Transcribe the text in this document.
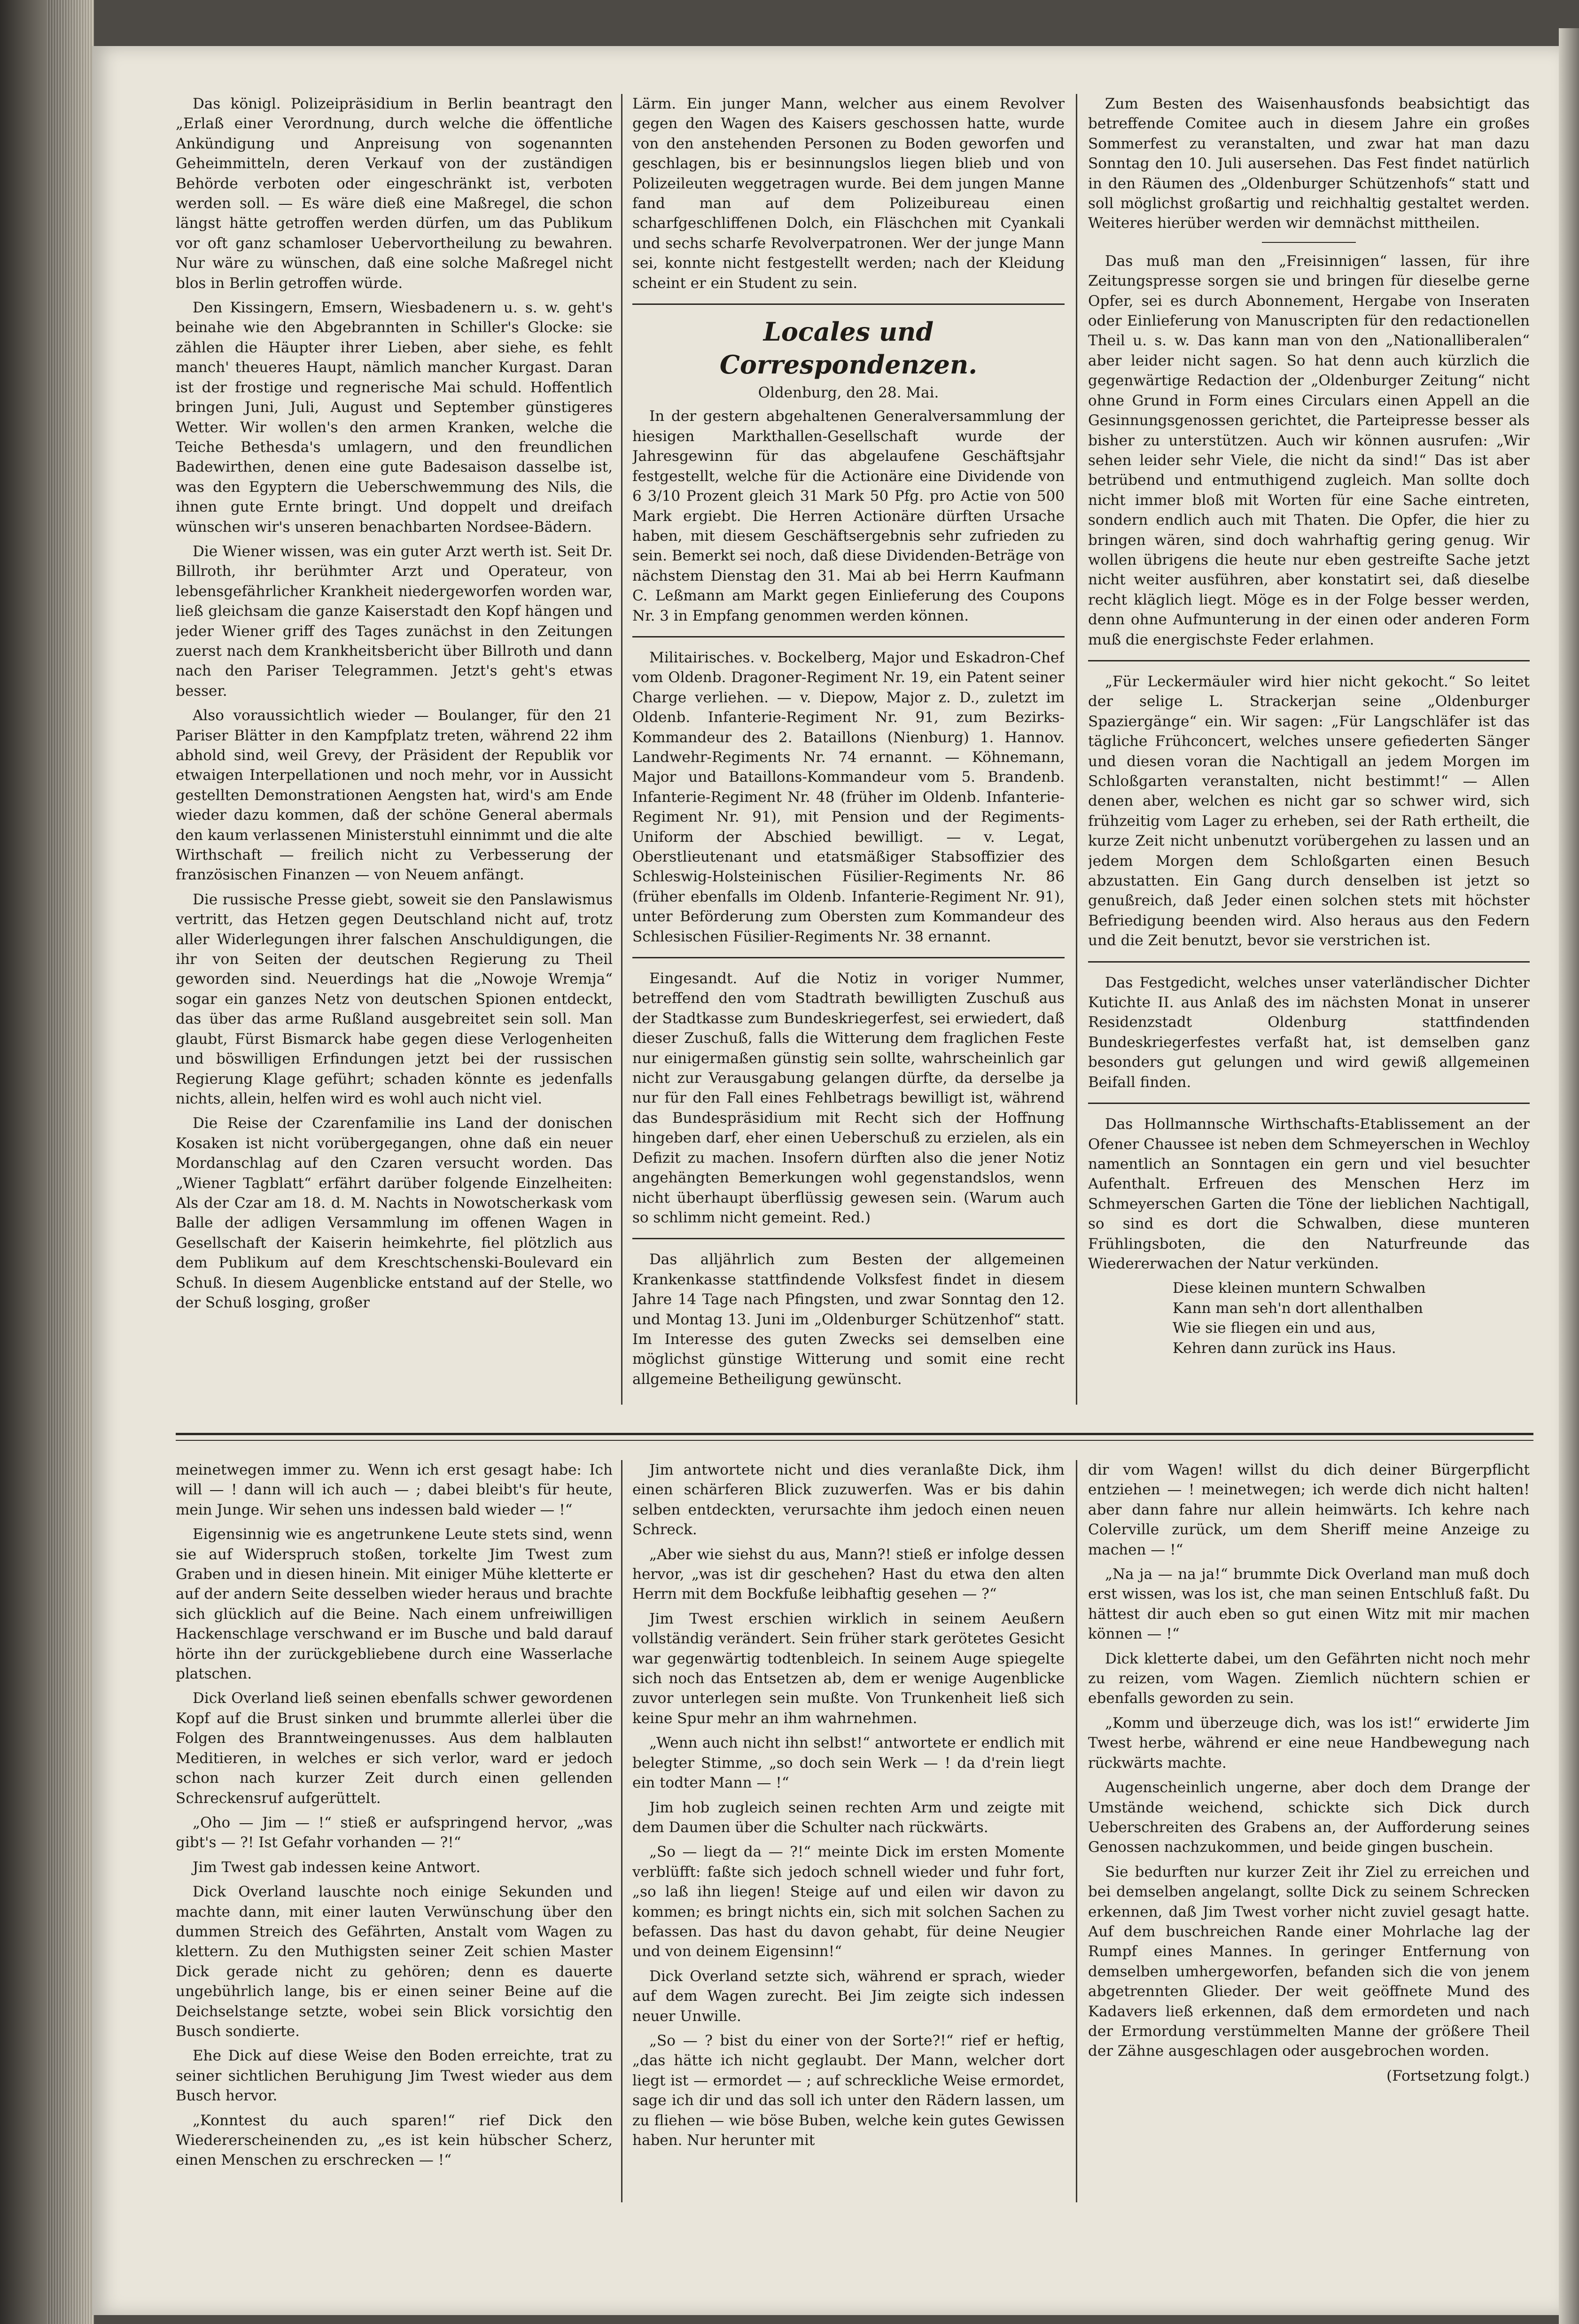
Das königl. Polizeipräsidium in Berlin beantragt den „Erlaß einer Verordnung, durch welche die öffentliche Ankündigung und Anpreisung von sogenannten Geheimmitteln, deren Verkauf von der zuständigen Behörde verboten oder eingeschränkt ist, verboten werden soll. — Es wäre dieß eine Maßregel, die schon längst hätte getroffen werden dürfen, um das Publikum vor oft ganz schamloser Uebervortheilung zu bewahren. Nur wäre zu wünschen, daß eine solche Maßregel nicht blos in Berlin getroffen würde.

Den Kissingern, Emsern, Wiesbadenern u. s. w. geht's beinahe wie den Abgebrannten in Schiller's Glocke: sie zählen die Häupter ihrer Lieben, aber siehe, es fehlt manch' theueres Haupt, nämlich mancher Kurgast. Daran ist der frostige und regnerische Mai schuld. Hoffentlich bringen Juni, Juli, August und September günstigeres Wetter. Wir wollen's den armen Kranken, welche die Teiche Bethesda's umlagern, und den freundlichen Badewirthen, denen eine gute Badesaison dasselbe ist, was den Egyptern die Ueberschwemmung des Nils, die ihnen gute Ernte bringt. Und doppelt und dreifach wünschen wir's unseren benachbarten Nordsee-Bädern.

Die Wiener wissen, was ein guter Arzt werth ist. Seit Dr. Billroth, ihr berühmter Arzt und Operateur, von lebensgefährlicher Krankheit niedergeworfen worden war, ließ gleichsam die ganze Kaiserstadt den Kopf hängen und jeder Wiener griff des Tages zunächst in den Zeitungen zuerst nach dem Krankheitsbericht über Billroth und dann nach den Pariser Telegrammen. Jetzt's geht's etwas besser.

Also voraussichtlich wieder — Boulanger, für den 21 Pariser Blätter in den Kampfplatz treten, während 22 ihm abhold sind, weil Grevy, der Präsident der Republik vor etwaigen Interpellationen und noch mehr, vor in Aussicht gestellten Demonstrationen Aengsten hat, wird's am Ende wieder dazu kommen, daß der schöne General abermals den kaum verlassenen Ministerstuhl einnimmt und die alte Wirthschaft — freilich nicht zu Verbesserung der französischen Finanzen — von Neuem anfängt.

Die russische Presse giebt, soweit sie den Panslawismus vertritt, das Hetzen gegen Deutschland nicht auf, trotz aller Widerlegungen ihrer falschen Anschuldigungen, die ihr von Seiten der deutschen Regierung zu Theil geworden sind. Neuerdings hat die „Nowoje Wremja“ sogar ein ganzes Netz von deutschen Spionen entdeckt, das über das arme Rußland ausgebreitet sein soll. Man glaubt, Fürst Bismarck habe gegen diese Verlogenheiten und böswilligen Erfindungen jetzt bei der russischen Regierung Klage geführt; schaden könnte es jedenfalls nichts, allein, helfen wird es wohl auch nicht viel.

Die Reise der Czarenfamilie ins Land der donischen Kosaken ist nicht vorübergegangen, ohne daß ein neuer Mordanschlag auf den Czaren versucht worden. Das „Wiener Tagblatt“ erfährt darüber folgende Einzelheiten: Als der Czar am 18. d. M. Nachts in Nowotscherkask vom Balle der adligen Versammlung im offenen Wagen in Gesellschaft der Kaiserin heimkehrte, fiel plötzlich aus dem Publikum auf dem Kreschtschenski-Boulevard ein Schuß. In diesem Augenblicke entstand auf der Stelle, wo der Schuß losging, großer

Lärm. Ein junger Mann, welcher aus einem Revolver gegen den Wagen des Kaisers geschossen hatte, wurde von den anstehenden Personen zu Boden geworfen und geschlagen, bis er besinnungslos liegen blieb und von Polizeileuten weggetragen wurde. Bei dem jungen Manne fand man auf dem Polizeibureau einen scharfgeschliffenen Dolch, ein Fläschchen mit Cyankali und sechs scharfe Revolverpatronen. Wer der junge Mann sei, konnte nicht festgestellt werden; nach der Kleidung scheint er ein Student zu sein.

Locales und Correspondenzen.
Oldenburg, den 28. Mai.

In der gestern abgehaltenen Generalversammlung der hiesigen Markthallen-Gesellschaft wurde der Jahresgewinn für das abgelaufene Geschäftsjahr festgestellt, welche für die Actionäre eine Dividende von 6 3/10 Prozent gleich 31 Mark 50 Pfg. pro Actie von 500 Mark ergiebt. Die Herren Actionäre dürften Ursache haben, mit diesem Geschäftsergebnis sehr zufrieden zu sein. Bemerkt sei noch, daß diese Dividenden-Beträge von nächstem Dienstag den 31. Mai ab bei Herrn Kaufmann C. Leßmann am Markt gegen Einlieferung des Coupons Nr. 3 in Empfang genommen werden können.

Militairisches. v. Bockelberg, Major und Eskadron-Chef vom Oldenb. Dragoner-Regiment Nr. 19, ein Patent seiner Charge verliehen. — v. Diepow, Major z. D., zuletzt im Oldenb. Infanterie-Regiment Nr. 91, zum Bezirks-Kommandeur des 2. Bataillons (Nienburg) 1. Hannov. Landwehr-Regiments Nr. 74 ernannt. — Köhnemann, Major und Bataillons-Kommandeur vom 5. Brandenb. Infanterie-Regiment Nr. 48 (früher im Oldenb. Infanterie-Regiment Nr. 91), mit Pension und der Regiments-Uniform der Abschied bewilligt. — v. Legat, Oberstlieutenant und etatsmäßiger Stabsoffizier des Schleswig-Holsteinischen Füsilier-Regiments Nr. 86 (früher ebenfalls im Oldenb. Infanterie-Regiment Nr. 91), unter Beförderung zum Obersten zum Kommandeur des Schlesischen Füsilier-Regiments Nr. 38 ernannt.

Eingesandt. Auf die Notiz in voriger Nummer, betreffend den vom Stadtrath bewilligten Zuschuß aus der Stadtkasse zum Bundeskriegerfest, sei erwiedert, daß dieser Zuschuß, falls die Witterung dem fraglichen Feste nur einigermaßen günstig sein sollte, wahrscheinlich gar nicht zur Verausgabung gelangen dürfte, da derselbe ja nur für den Fall eines Fehlbetrags bewilligt ist, während das Bundespräsidium mit Recht sich der Hoffnung hingeben darf, eher einen Ueberschuß zu erzielen, als ein Defizit zu machen. Insofern dürften also die jener Notiz angehängten Bemerkungen wohl gegenstandslos, wenn nicht überhaupt überflüssig gewesen sein. (Warum auch so schlimm nicht gemeint. Red.)

Das alljährlich zum Besten der allgemeinen Krankenkasse stattfindende Volksfest findet in diesem Jahre 14 Tage nach Pfingsten, und zwar Sonntag den 12. und Montag 13. Juni im „Oldenburger Schützenhof“ statt. Im Interesse des guten Zwecks sei demselben eine möglichst günstige Witterung und somit eine recht allgemeine Betheiligung gewünscht.

Zum Besten des Waisenhausfonds beabsichtigt das betreffende Comitee auch in diesem Jahre ein großes Sommerfest zu veranstalten, und zwar hat man dazu Sonntag den 10. Juli ausersehen. Das Fest findet natürlich in den Räumen des „Oldenburger Schützenhofs“ statt und soll möglichst großartig und reichhaltig gestaltet werden. Weiteres hierüber werden wir demnächst mittheilen.

Das muß man den „Freisinnigen“ lassen, für ihre Zeitungspresse sorgen sie und bringen für dieselbe gerne Opfer, sei es durch Abonnement, Hergabe von Inseraten oder Einlieferung von Manuscripten für den redactionellen Theil u. s. w. Das kann man von den „Nationalliberalen“ aber leider nicht sagen. So hat denn auch kürzlich die gegenwärtige Redaction der „Oldenburger Zeitung“ nicht ohne Grund in Form eines Circulars einen Appell an die Gesinnungsgenossen gerichtet, die Parteipresse besser als bisher zu unterstützen. Auch wir können ausrufen: „Wir sehen leider sehr Viele, die nicht da sind!“ Das ist aber betrübend und entmuthigend zugleich. Man sollte doch nicht immer bloß mit Worten für eine Sache eintreten, sondern endlich auch mit Thaten. Die Opfer, die hier zu bringen wären, sind doch wahrhaftig gering genug. Wir wollen übrigens die heute nur eben gestreifte Sache jetzt nicht weiter ausführen, aber konstatirt sei, daß dieselbe recht kläglich liegt. Möge es in der Folge besser werden, denn ohne Aufmunterung in der einen oder anderen Form muß die energischste Feder erlahmen.

„Für Leckermäuler wird hier nicht gekocht.“ So leitet der selige L. Strackerjan seine „Oldenburger Spaziergänge“ ein. Wir sagen: „Für Langschläfer ist das tägliche Frühconcert, welches unsere gefiederten Sänger und diesen voran die Nachtigall an jedem Morgen im Schloßgarten veranstalten, nicht bestimmt!“ — Allen denen aber, welchen es nicht gar so schwer wird, sich frühzeitig vom Lager zu erheben, sei der Rath ertheilt, die kurze Zeit nicht unbenutzt vorübergehen zu lassen und an jedem Morgen dem Schloßgarten einen Besuch abzustatten. Ein Gang durch denselben ist jetzt so genußreich, daß Jeder einen solchen stets mit höchster Befriedigung beenden wird. Also heraus aus den Federn und die Zeit benutzt, bevor sie verstrichen ist.

Das Festgedicht, welches unser vaterländischer Dichter Kutichte II. aus Anlaß des im nächsten Monat in unserer Residenzstadt Oldenburg stattfindenden Bundeskriegerfestes verfaßt hat, ist demselben ganz besonders gut gelungen und wird gewiß allgemeinen Beifall finden.

Das Hollmannsche Wirthschafts-Etablissement an der Ofener Chaussee ist neben dem Schmeyerschen in Wechloy namentlich an Sonntagen ein gern und viel besuchter Aufenthalt. Erfreuen des Menschen Herz im Schmeyerschen Garten die Töne der lieblichen Nachtigall, so sind es dort die Schwalben, diese munteren Frühlingsboten, die den Naturfreunde das Wiedererwachen der Natur verkünden.

Diese kleinen muntern Schwalben
Kann man seh'n dort allenthalben
Wie sie fliegen ein und aus,
Kehren dann zurück ins Haus.

meinetwegen immer zu. Wenn ich erst gesagt habe: Ich will — ! dann will ich auch — ; dabei bleibt's für heute, mein Junge. Wir sehen uns indessen bald wieder — !“

Eigensinnig wie es angetrunkene Leute stets sind, wenn sie auf Widerspruch stoßen, torkelte Jim Twest zum Graben und in diesen hinein. Mit einiger Mühe kletterte er auf der andern Seite desselben wieder heraus und brachte sich glücklich auf die Beine. Nach einem unfreiwilligen Hackenschlage verschwand er im Busche und bald darauf hörte ihn der zurückgebliebene durch eine Wasserlache platschen.

Dick Overland ließ seinen ebenfalls schwer gewordenen Kopf auf die Brust sinken und brummte allerlei über die Folgen des Branntweingenusses. Aus dem halblauten Meditieren, in welches er sich verlor, ward er jedoch schon nach kurzer Zeit durch einen gellenden Schreckensruf aufgerüttelt.

„Oho — Jim — !“ stieß er aufspringend hervor, „was gibt's — ?! Ist Gefahr vorhanden — ?!“

Jim Twest gab indessen keine Antwort.

Dick Overland lauschte noch einige Sekunden und machte dann, mit einer lauten Verwünschung über den dummen Streich des Gefährten, Anstalt vom Wagen zu klettern. Zu den Muthigsten seiner Zeit schien Master Dick gerade nicht zu gehören; denn es dauerte ungebührlich lange, bis er einen seiner Beine auf die Deichselstange setzte, wobei sein Blick vorsichtig den Busch sondierte.

Ehe Dick auf diese Weise den Boden erreichte, trat zu seiner sichtlichen Beruhigung Jim Twest wieder aus dem Busch hervor.

„Konntest du auch sparen!“ rief Dick den Wiedererscheinenden zu, „es ist kein hübscher Scherz, einen Menschen zu erschrecken — !“

Jim antwortete nicht und dies veranlaßte Dick, ihm einen schärferen Blick zuzuwerfen. Was er bis dahin selben entdeckten, verursachte ihm jedoch einen neuen Schreck.

„Aber wie siehst du aus, Mann?! stieß er infolge dessen hervor, „was ist dir geschehen? Hast du etwa den alten Herrn mit dem Bockfuße leibhaftig gesehen — ?“

Jim Twest erschien wirklich in seinem Aeußern vollständig verändert. Sein früher stark gerötetes Gesicht war gegenwärtig todtenbleich. In seinem Auge spiegelte sich noch das Entsetzen ab, dem er wenige Augenblicke zuvor unterlegen sein mußte. Von Trunkenheit ließ sich keine Spur mehr an ihm wahrnehmen.

„Wenn auch nicht ihn selbst!“ antwortete er endlich mit belegter Stimme, „so doch sein Werk — ! da d'rein liegt ein todter Mann — !“

Jim hob zugleich seinen rechten Arm und zeigte mit dem Daumen über die Schulter nach rückwärts.

„So — liegt da — ?!“ meinte Dick im ersten Momente verblüfft: faßte sich jedoch schnell wieder und fuhr fort, „so laß ihn liegen! Steige auf und eilen wir davon zu kommen; es bringt nichts ein, sich mit solchen Sachen zu befassen. Das hast du davon gehabt, für deine Neugier und von deinem Eigensinn!“

Dick Overland setzte sich, während er sprach, wieder auf dem Wagen zurecht. Bei Jim zeigte sich indessen neuer Unwille.

„So — ? bist du einer von der Sorte?!“ rief er heftig, „das hätte ich nicht geglaubt. Der Mann, welcher dort liegt ist — ermordet — ; auf schreckliche Weise ermordet, sage ich dir und das soll ich unter den Rädern lassen, um zu fliehen — wie böse Buben, welche kein gutes Gewissen haben. Nur herunter mit

dir vom Wagen! willst du dich deiner Bürgerpflicht entziehen — ! meinetwegen; ich werde dich nicht halten! aber dann fahre nur allein heimwärts. Ich kehre nach Colerville zurück, um dem Sheriff meine Anzeige zu machen — !“

„Na ja — na ja!“ brummte Dick Overland man muß doch erst wissen, was los ist, che man seinen Entschluß faßt. Du hättest dir auch eben so gut einen Witz mit mir machen können — !“

Dick kletterte dabei, um den Gefährten nicht noch mehr zu reizen, vom Wagen. Ziemlich nüchtern schien er ebenfalls geworden zu sein.

„Komm und überzeuge dich, was los ist!“ erwiderte Jim Twest herbe, während er eine neue Handbewegung nach rückwärts machte.

Augenscheinlich ungerne, aber doch dem Drange der Umstände weichend, schickte sich Dick durch Ueberschreiten des Grabens an, der Aufforderung seines Genossen nachzukommen, und beide gingen buschein.

Sie bedurften nur kurzer Zeit ihr Ziel zu erreichen und bei demselben angelangt, sollte Dick zu seinem Schrecken erkennen, daß Jim Twest vorher nicht zuviel gesagt hatte. Auf dem buschreichen Rande einer Mohrlache lag der Rumpf eines Mannes. In geringer Entfernung von demselben umhergeworfen, befanden sich die von jenem abgetrennten Glieder. Der weit geöffnete Mund des Kadavers ließ erkennen, daß dem ermordeten und nach der Ermordung verstümmelten Manne der größere Theil der Zähne ausgeschlagen oder ausgebrochen worden.

(Fortsetzung folgt.)
